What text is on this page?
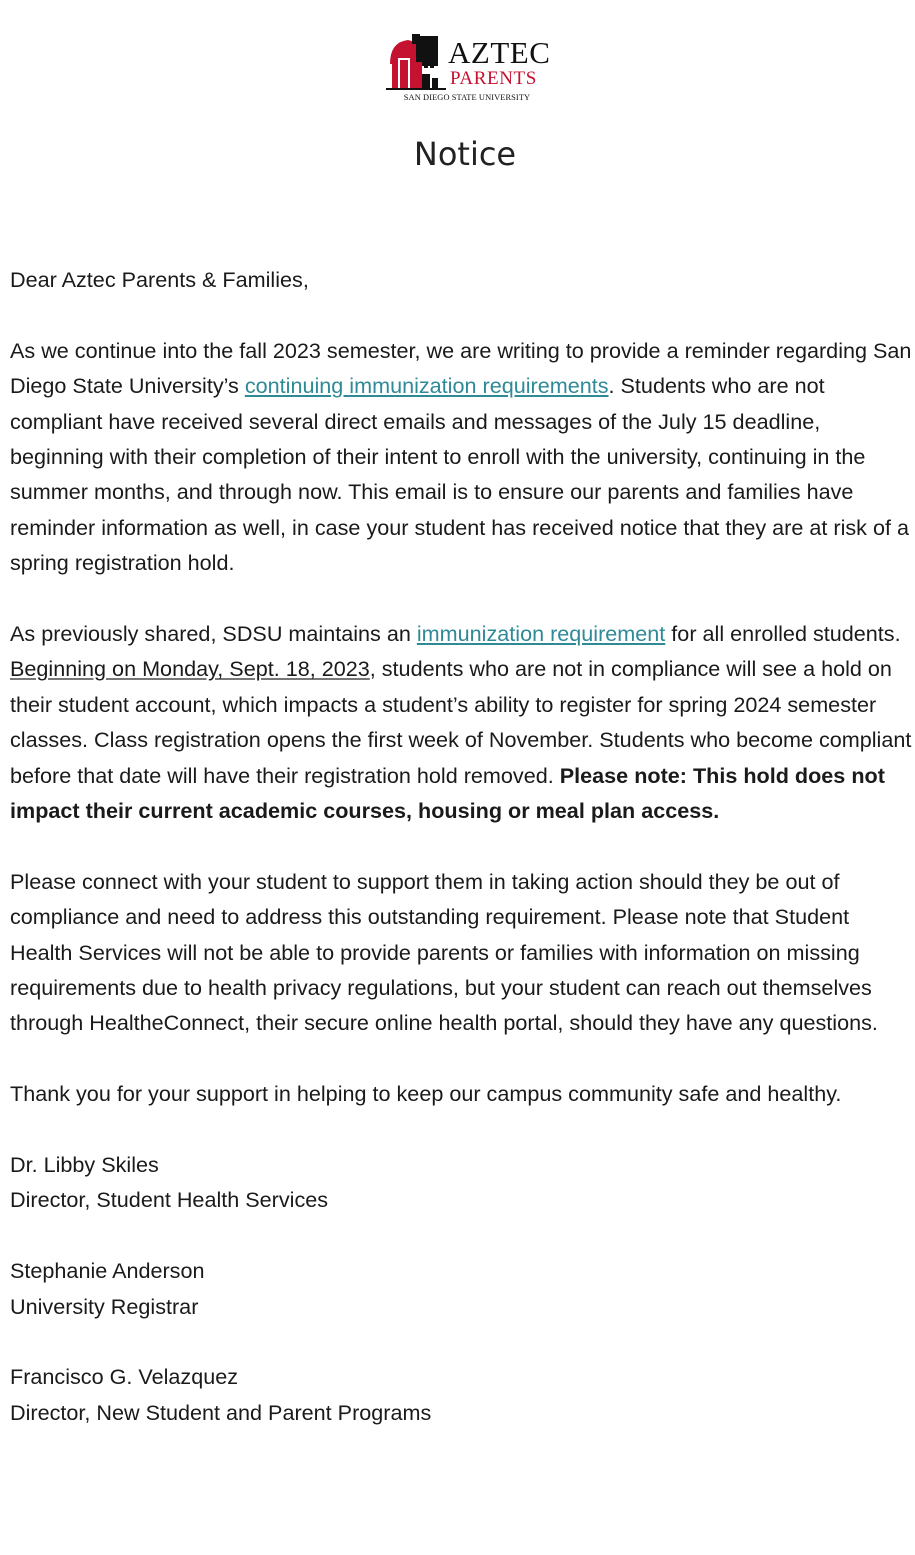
AZTEC
PARENTS
SAN DIEGO STATE UNIVERSITY
Notice

Dear Aztec Parents & Families,

As we continue into the fall 2023 semester, we are writing to provide a reminder regarding San Diego State University’s continuing immunization requirements. Students who are not compliant have received several direct emails and messages of the July 15 deadline, beginning with their completion of their intent to enroll with the university, continuing in the summer months, and through now. This email is to ensure our parents and families have reminder information as well, in case your student has received notice that they are at risk of a spring registration hold.

As previously shared, SDSU maintains an immunization requirement for all enrolled students. Beginning on Monday, Sept. 18, 2023, students who are not in compliance will see a hold on their student account, which impacts a student’s ability to register for spring 2024 semester classes. Class registration opens the first week of November. Students who become compliant before that date will have their registration hold removed. Please note: This hold does not impact their current academic courses, housing or meal plan access.

Please connect with your student to support them in taking action should they be out of compliance and need to address this outstanding requirement. Please note that Student Health Services will not be able to provide parents or families with information on missing requirements due to health privacy regulations, but your student can reach out themselves through HealtheConnect, their secure online health portal, should they have any questions.

Thank you for your support in helping to keep our campus community safe and healthy.

Dr. Libby Skiles
Director, Student Health Services
Stephanie Anderson
University Registrar
Francisco G. Velazquez
Director, New Student and Parent Programs
